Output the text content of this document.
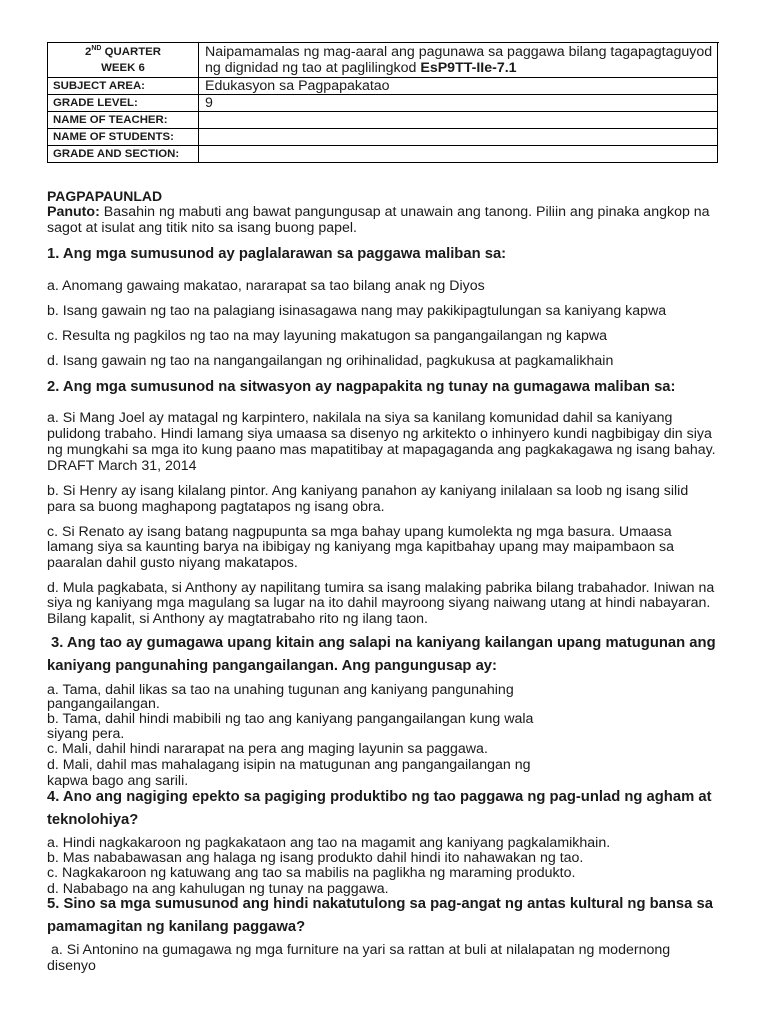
2ND QUARTER
WEEK 6
Naipamamalas ng mag-aaral ang pagunawa sa paggawa bilang tagapagtaguyod
ng dignidad ng tao at paglilingkod EsP9TT-IIe-7.1
SUBJECT AREA:	Edukasyon sa Pagpapakatao
GRADE LEVEL:	9
NAME OF TEACHER:
NAME OF STUDENTS:
GRADE AND SECTION:
PAGPAPAUNLAD
Panuto: Basahin ng mabuti ang bawat pangungusap at unawain ang tanong. Piliin ang pinaka angkop na
sagot at isulat ang titik nito sa isang buong papel.
1. Ang mga sumusunod ay paglalarawan sa paggawa maliban sa:
a. Anomang gawaing makatao, nararapat sa tao bilang anak ng Diyos
b. Isang gawain ng tao na palagiang isinasagawa nang may pakikipagtulungan sa kaniyang kapwa
c. Resulta ng pagkilos ng tao na may layuning makatugon sa pangangailangan ng kapwa
d. Isang gawain ng tao na nangangailangan ng orihinalidad, pagkukusa at pagkamalikhain
2. Ang mga sumusunod na sitwasyon ay nagpapakita ng tunay na gumagawa maliban sa:
a. Si Mang Joel ay matagal ng karpintero, nakilala na siya sa kanilang komunidad dahil sa kaniyang
pulidong trabaho. Hindi lamang siya umaasa sa disenyo ng arkitekto o inhinyero kundi nagbibigay din siya
ng mungkahi sa mga ito kung paano mas mapatitibay at mapagaganda ang pagkakagawa ng isang bahay.
DRAFT March 31, 2014
b. Si Henry ay isang kilalang pintor. Ang kaniyang panahon ay kaniyang inilalaan sa loob ng isang silid
para sa buong maghapong pagtatapos ng isang obra.
c. Si Renato ay isang batang nagpupunta sa mga bahay upang kumolekta ng mga basura. Umaasa
lamang siya sa kaunting barya na ibibigay ng kaniyang mga kapitbahay upang may maipambaon sa
paaralan dahil gusto niyang makatapos.
d. Mula pagkabata, si Anthony ay napilitang tumira sa isang malaking pabrika bilang trabahador. Iniwan na
siya ng kaniyang mga magulang sa lugar na ito dahil mayroong siyang naiwang utang at hindi nabayaran.
Bilang kapalit, si Anthony ay magtatrabaho rito ng ilang taon.
3. Ang tao ay gumagawa upang kitain ang salapi na kaniyang kailangan upang matugunan ang
kaniyang pangunahing pangangailangan. Ang pangungusap ay:
a. Tama, dahil likas sa tao na unahing tugunan ang kaniyang pangunahing
pangangailangan.
b. Tama, dahil hindi mabibili ng tao ang kaniyang pangangailangan kung wala
siyang pera.
c. Mali, dahil hindi nararapat na pera ang maging layunin sa paggawa.
d. Mali, dahil mas mahalagang isipin na matugunan ang pangangailangan ng
kapwa bago ang sarili.
4. Ano ang nagiging epekto sa pagiging produktibo ng tao paggawa ng pag-unlad ng agham at
teknolohiya?
a. Hindi nagkakaroon ng pagkakataon ang tao na magamit ang kaniyang pagkalamikhain.
b. Mas nababawasan ang halaga ng isang produkto dahil hindi ito nahawakan ng tao.
c. Nagkakaroon ng katuwang ang tao sa mabilis na paglikha ng maraming produkto.
d. Nababago na ang kahulugan ng tunay na paggawa.
5. Sino sa mga sumusunod ang hindi nakatutulong sa pag-angat ng antas kultural ng bansa sa
pamamagitan ng kanilang paggawa?
a. Si Antonino na gumagawa ng mga furniture na yari sa rattan at buli at nilalapatan ng modernong
disenyo
